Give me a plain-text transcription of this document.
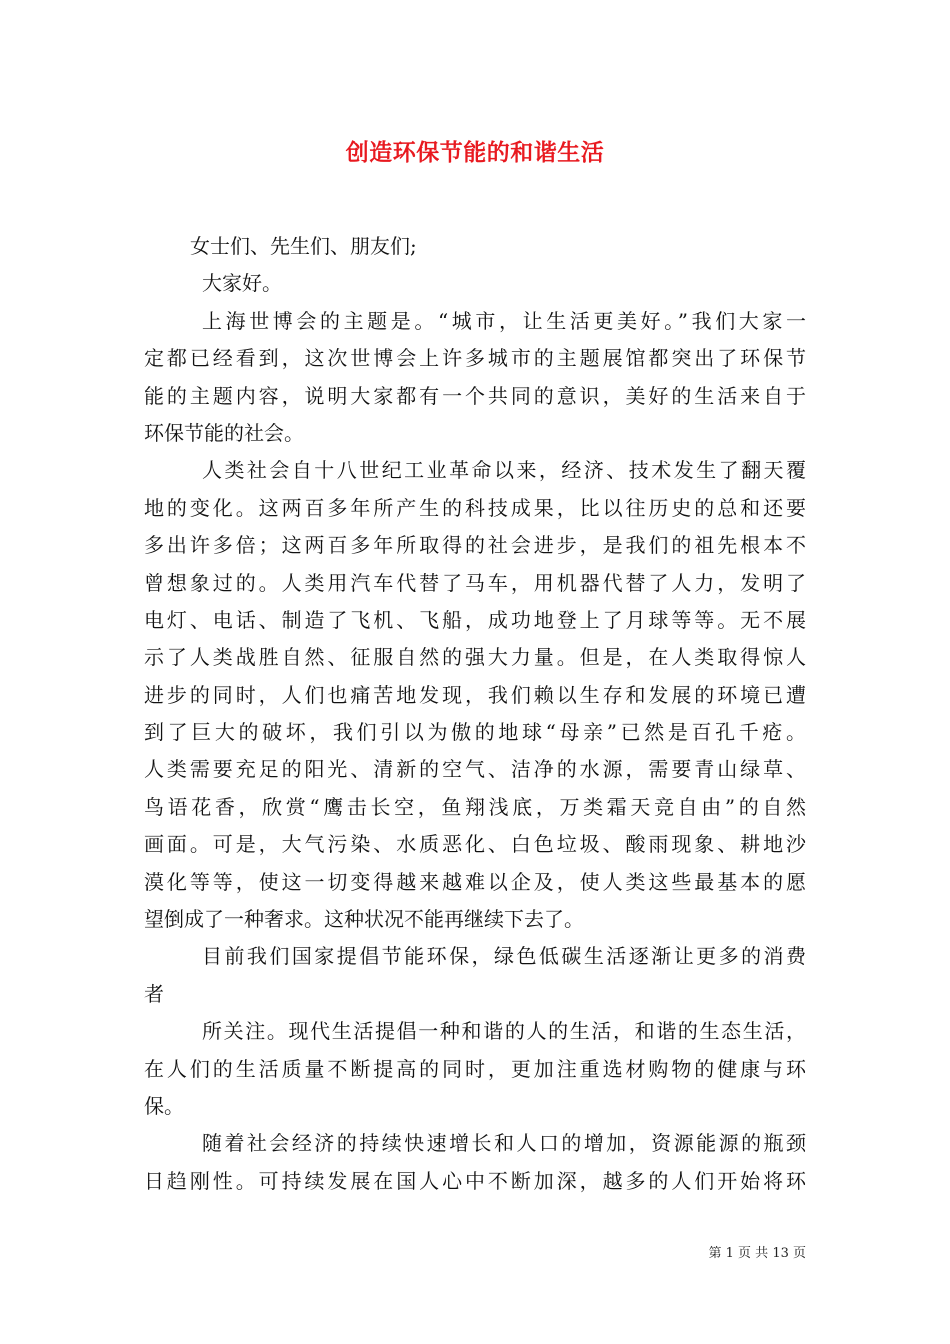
创造环保节能的和谐生活
女士们、先生们、朋友们;
大家好。
上海世博会的主题是。“城市，让生活更美好。”我们大家一
定都已经看到，这次世博会上许多城市的主题展馆都突出了环保节
能的主题内容，说明大家都有一个共同的意识，美好的生活来自于
环保节能的社会。
人类社会自十八世纪工业革命以来，经济、技术发生了翻天覆
地的变化。这两百多年所产生的科技成果，比以往历史的总和还要
多出许多倍；这两百多年所取得的社会进步，是我们的祖先根本不
曾想象过的。人类用汽车代替了马车，用机器代替了人力，发明了
电灯、电话、制造了飞机、飞船，成功地登上了月球等等。无不展
示了人类战胜自然、征服自然的强大力量。但是，在人类取得惊人
进步的同时，人们也痛苦地发现，我们赖以生存和发展的环境已遭
到了巨大的破坏，我们引以为傲的地球“母亲”已然是百孔千疮。
人类需要充足的阳光、清新的空气、洁净的水源，需要青山绿草、
鸟语花香，欣赏“鹰击长空，鱼翔浅底，万类霜天竞自由”的自然
画面。可是，大气污染、水质恶化、白色垃圾、酸雨现象、耕地沙
漠化等等，使这一切变得越来越难以企及，使人类这些最基本的愿
望倒成了一种奢求。这种状况不能再继续下去了。
目前我们国家提倡节能环保，绿色低碳生活逐渐让更多的消费
者
所关注。现代生活提倡一种和谐的人的生活，和谐的生态生活，
在人们的生活质量不断提高的同时，更加注重选材购物的健康与环
保。
随着社会经济的持续快速增长和人口的增加，资源能源的瓶颈
日趋刚性。可持续发展在国人心中不断加深，越多的人们开始将环
第 1 页 共 13 页
